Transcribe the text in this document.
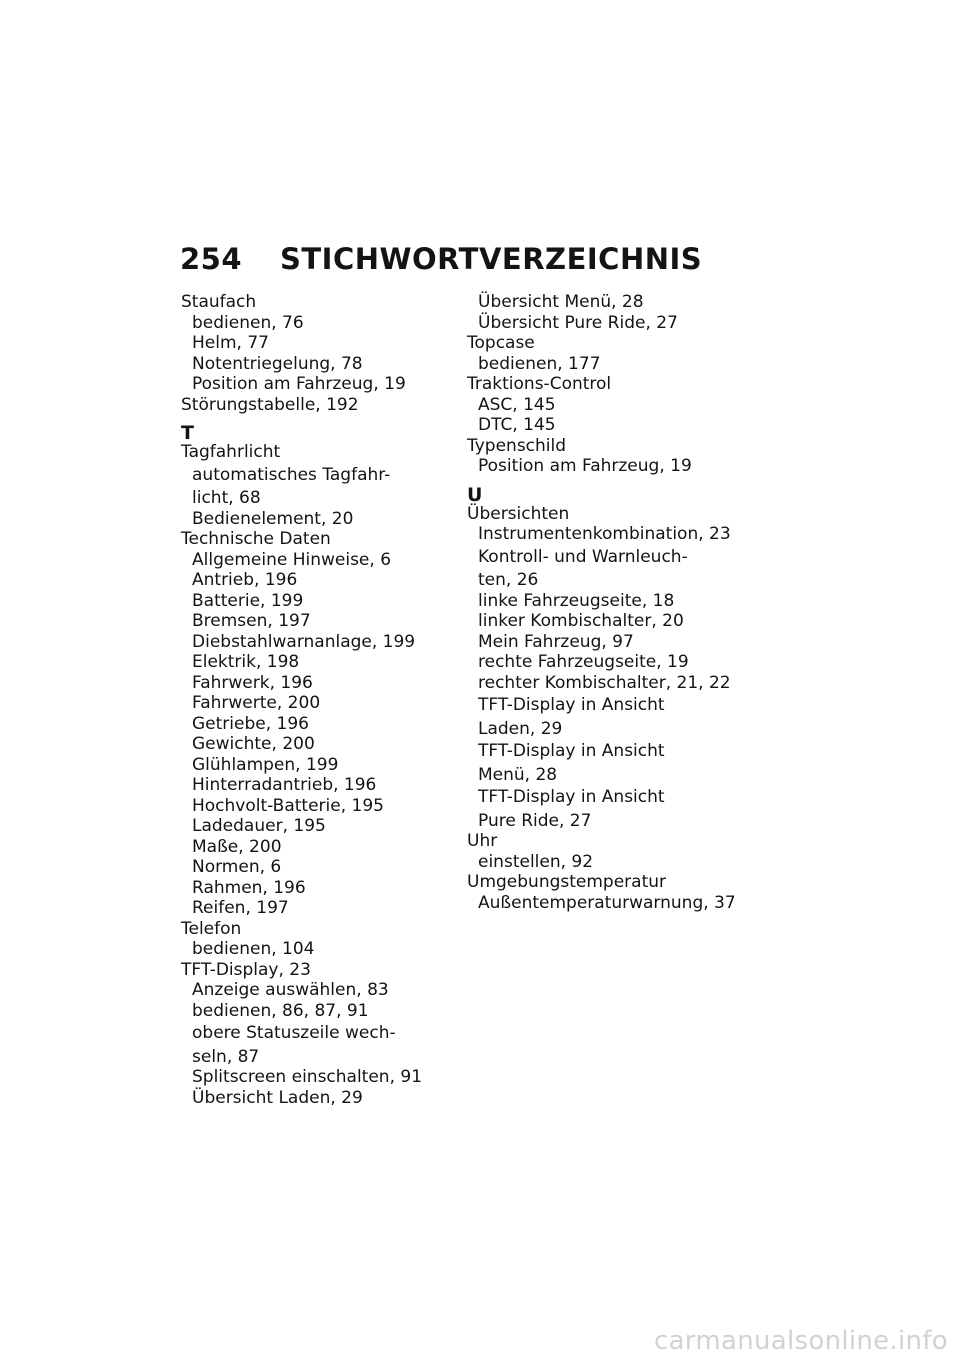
254	STICHWORTVERZEICHNIS
Staufach
bedienen, 76
Helm, 77
Notentriegelung, 78
Position am Fahrzeug, 19
Störungstabelle, 192
T
Tagfahrlicht
automatisches Tagfahr-
licht, 68
Bedienelement, 20
Technische Daten
Allgemeine Hinweise, 6
Antrieb, 196
Batterie, 199
Bremsen, 197
Diebstahlwarnanlage, 199
Elektrik, 198
Fahrwerk, 196
Fahrwerte, 200
Getriebe, 196
Gewichte, 200
Glühlampen, 199
Hinterradantrieb, 196
Hochvolt-Batterie, 195
Ladedauer, 195
Maße, 200
Normen, 6
Rahmen, 196
Reifen, 197
Telefon
bedienen, 104
TFT-Display, 23
Anzeige auswählen, 83
bedienen, 86, 87, 91
obere Statuszeile wech-
seln, 87
Splitscreen einschalten, 91
Übersicht Laden, 29
Übersicht Menü, 28
Übersicht Pure Ride, 27
Topcase
bedienen, 177
Traktions-Control
ASC, 145
DTC, 145
Typenschild
Position am Fahrzeug, 19
U
Übersichten
Instrumentenkombination, 23
Kontroll- und Warnleuch-
ten, 26
linke Fahrzeugseite, 18
linker Kombischalter, 20
Mein Fahrzeug, 97
rechte Fahrzeugseite, 19
rechter Kombischalter, 21, 22
TFT-Display in Ansicht
Laden, 29
TFT-Display in Ansicht
Menü, 28
TFT-Display in Ansicht
Pure Ride, 27
Uhr
einstellen, 92
Umgebungstemperatur
Außentemperaturwarnung, 37
carmanualsonline.info
